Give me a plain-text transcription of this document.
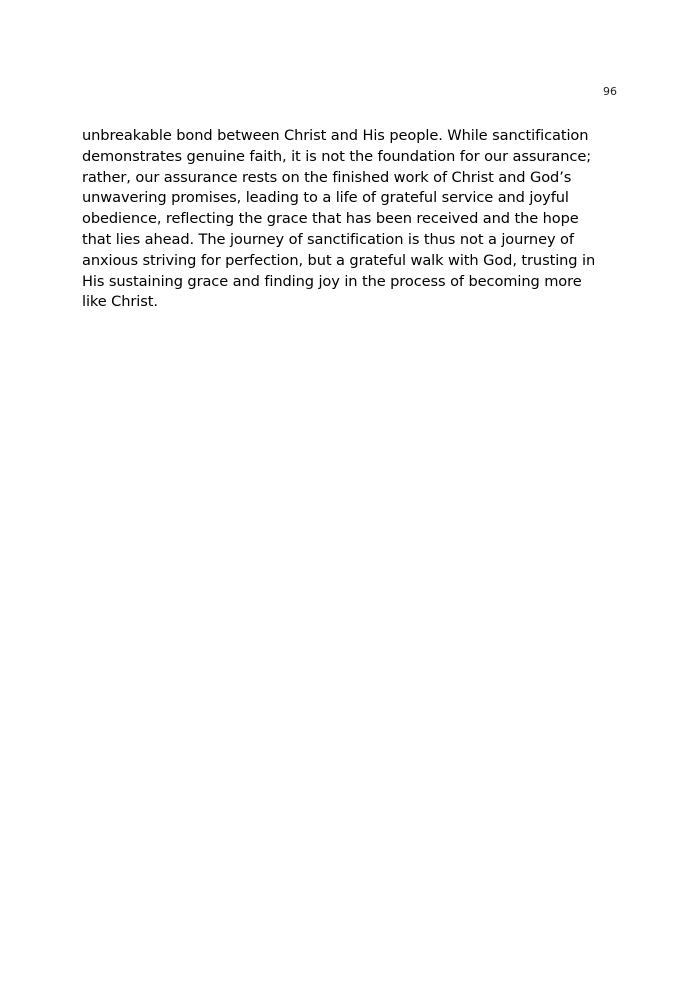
96

unbreakable bond between Christ and His people. While sanctification
demonstrates genuine faith, it is not the foundation for our assurance;
rather, our assurance rests on the finished work of Christ and God’s
unwavering promises, leading to a life of grateful service and joyful
obedience, reflecting the grace that has been received and the hope
that lies ahead. The journey of sanctification is thus not a journey of
anxious striving for perfection, but a grateful walk with God, trusting in
His sustaining grace and finding joy in the process of becoming more
like Christ.
